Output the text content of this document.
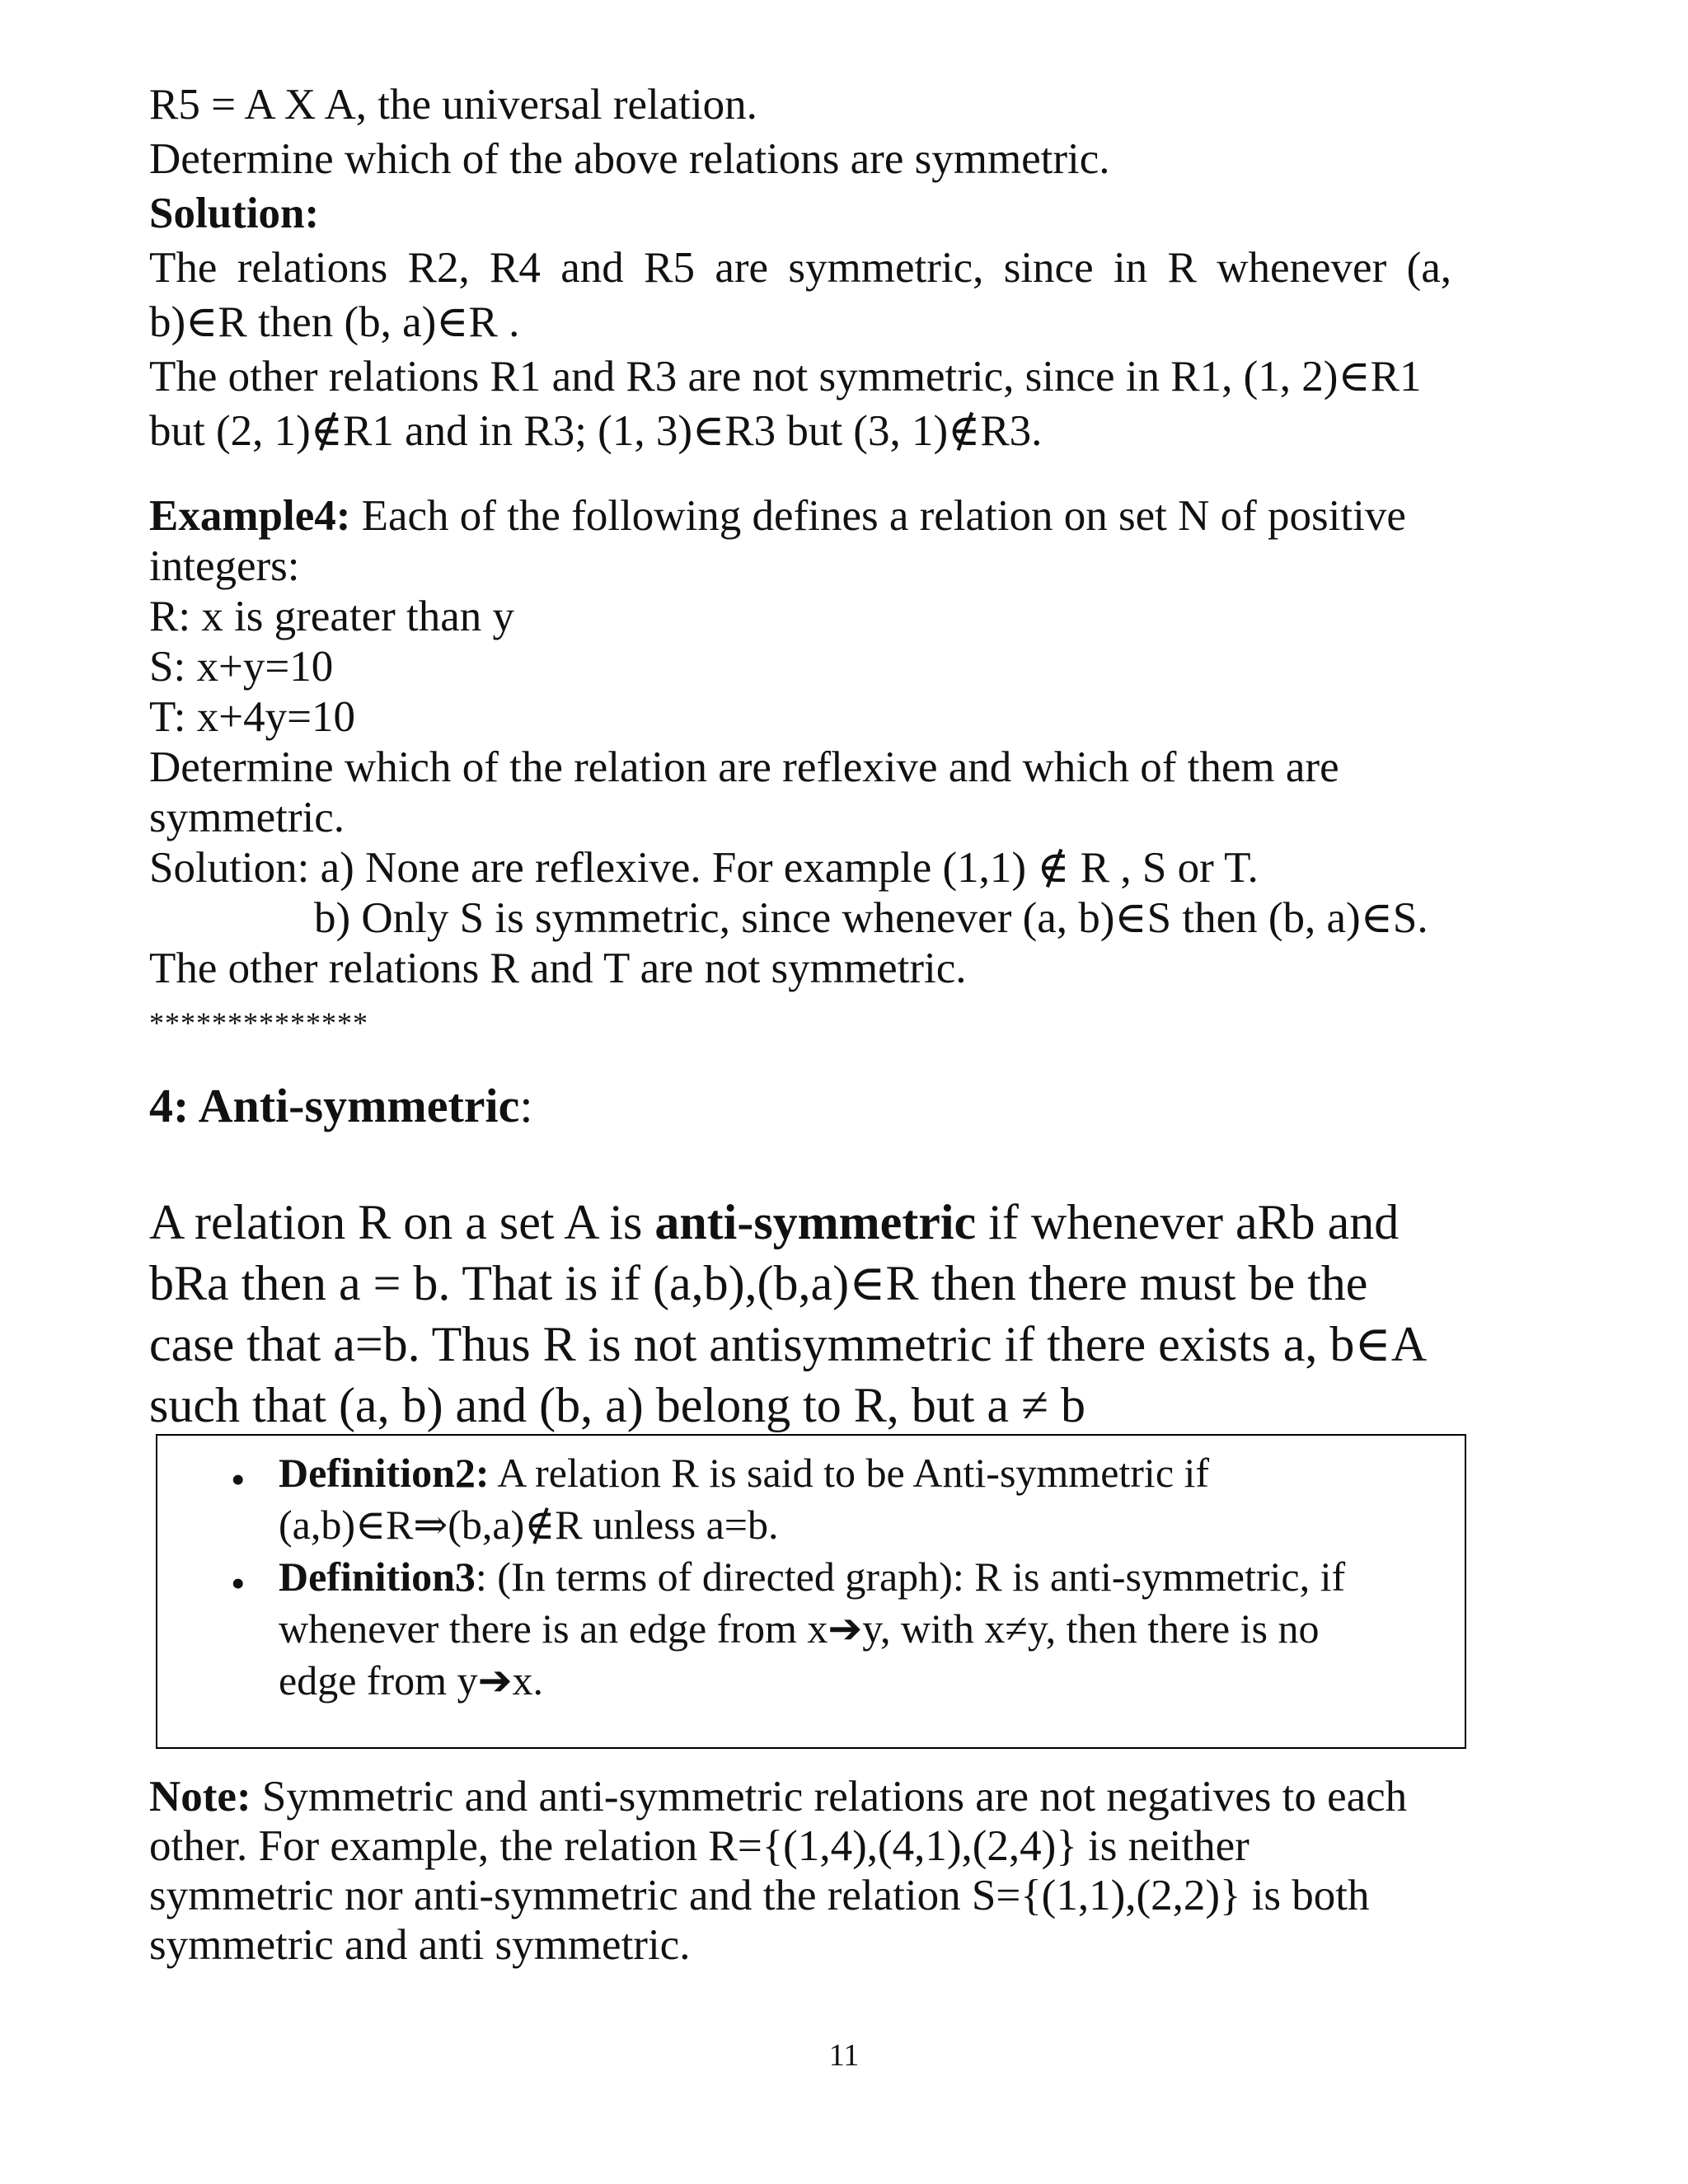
R5 = A X A, the universal relation.
Determine which of the above relations are symmetric.
Solution:
The relations R2, R4 and R5 are symmetric, since in R whenever (a,
b)∈R then (b, a)∈R .
The other relations R1 and R3 are not symmetric, since in R1, (1, 2)∈R1
but (2, 1)∉R1 and in R3; (1, 3)∈R3 but (3, 1)∉R3.
Example4: Each of the following defines a relation on set N of positive
integers:
R: x is greater than y
S: x+y=10
T: x+4y=10
Determine which of the relation are reflexive and which of them are
symmetric.
Solution: a) None are reflexive. For example (1,1) ∉ R , S or T.
b) Only S is symmetric, since whenever (a, b)∈S then (b, a)∈S.
The other relations R and T are not symmetric.
**************
4: Anti-symmetric:
A relation R on a set A is anti-symmetric if whenever aRb and
bRa then a = b. That is if (a,b),(b,a)∈R then there must be the
case that a=b. Thus R is not antisymmetric if there exists a, b∈A
such that (a, b) and (b, a) belong to R, but a ≠ b
• Definition2: A relation R is said to be Anti-symmetric if
(a,b)∈R⇒(b,a)∉R unless a=b.
• Definition3: (In terms of directed graph): R is anti-symmetric, if
whenever there is an edge from x➔y, with x≠y, then there is no
edge from y➔x.
Note: Symmetric and anti-symmetric relations are not negatives to each
other. For example, the relation R={(1,4),(4,1),(2,4)} is neither
symmetric nor anti-symmetric and the relation S={(1,1),(2,2)} is both
symmetric and anti symmetric.
11
